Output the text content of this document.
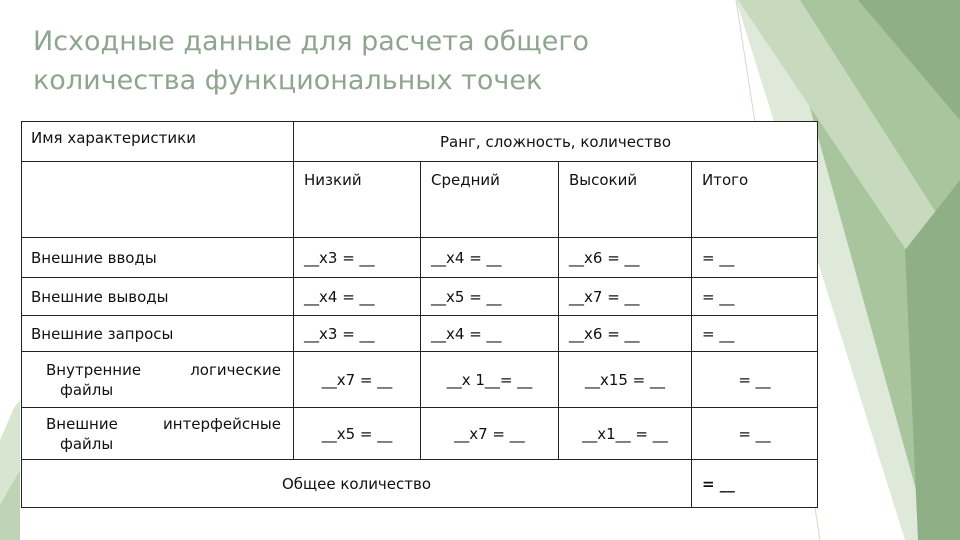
Исходные данные для расчета общего
количества функциональных точек
Имя характеристики	Ранг, сложность, количество			
	Низкий	Средний	Высокий	Итого
Внешние вводы	__x3 = __	__x4 = __	__x6 = __	= __
Внешние выводы	__x4 = __	__x5 = __	__x7 = __	= __
Внешние запросы	__x3 = __	__x4 = __	__x6 = __	= __

Внутренние логические
файлы	__x7 = __	__x 1__= __	__x15 = __	= __

Внешние интерфейсные
файлы	__x5 = __	__x7 = __	__x1__ = __	= __
Общее количество				= __
